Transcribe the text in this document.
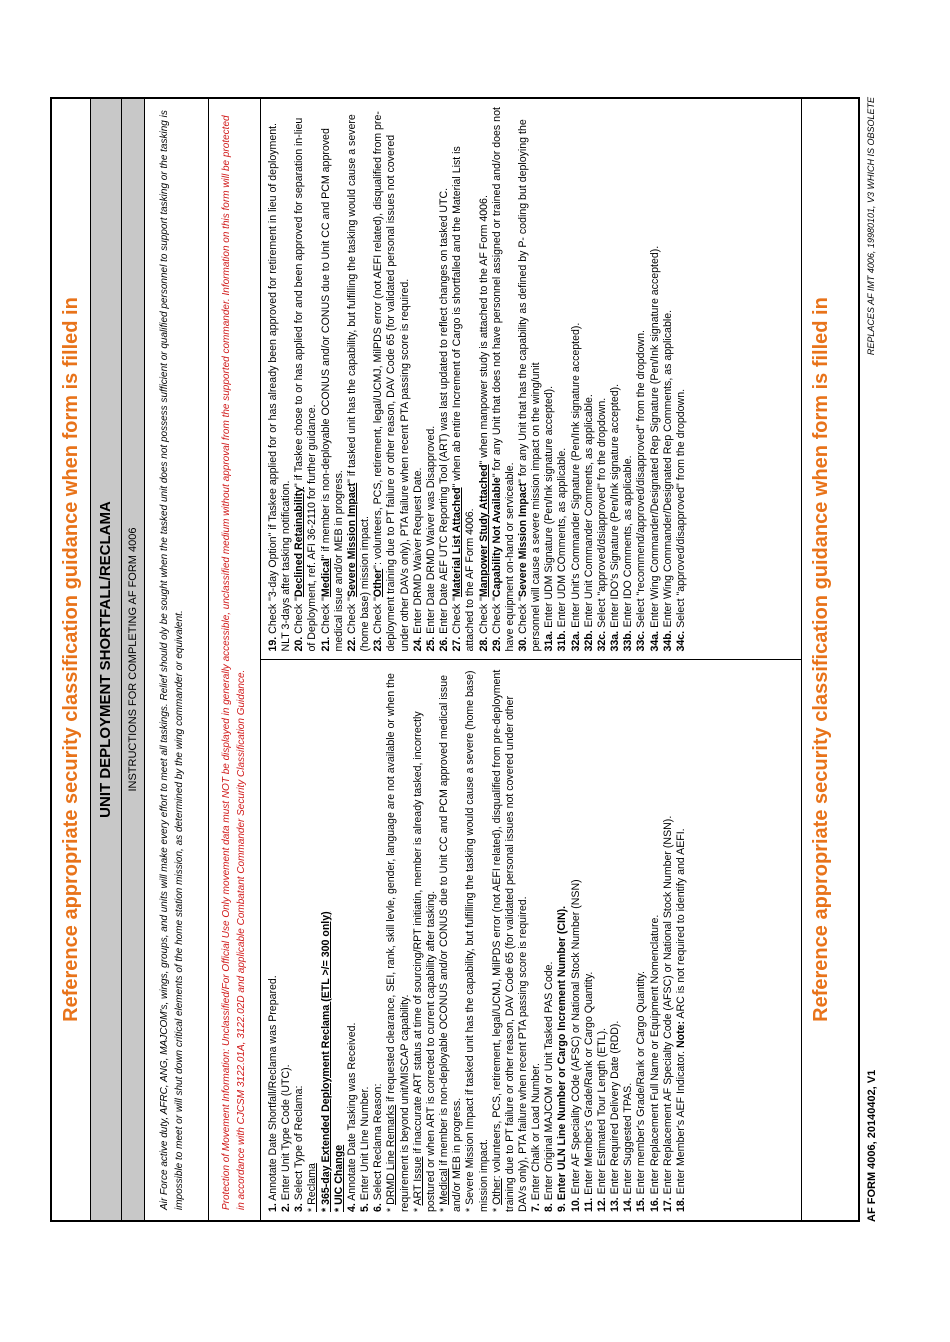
Reference appropriate security classification guidance when form is filled in	UNIT DEPLOYMENT SHORTFALL/RECLAMA	INSTRUCTIONS FOR COMPLETING AF FORM 4006	Air Force active duty, AFRC, ANG, MAJCOM's, wings, groups, and units will make every effort to meet all taskings. Relief should oly be sought when the tasked unit does not possess sufficient or qualified personnel to support tasking or the tasking is impossible to meet or will shut down critical elements of the home station mission, as determined by the wing commander or equivalent.	Protection of Movement Information: Unclassified/For Official Use Only movement data must NOT be displayed in generally accessible, unclassified medium without approval from the supported commander. Information on this form will be protected in accordance with CJCSM 3122.01A, 3122.02D and applicable Combatant Commander Security Classification Guidance.	1. Annotate Date Shortfall/Reclama was Prepared.
2. Enter Unit Type Code (UTC).
3. Select Type of Reclama: * Reclama * 365-day Extended Deployment Reclama (ETL >/= 300 only) * UIC Change 4. Annotate Date Tasking was Received.
5. Enter Unit LIne Number.
6. Select Reclama Reason:
* DRMD Line Remarks if requested clearance, SEI, rank, skill levle, gender, language are not available or when the requirement is beyond unit/MISCAP capability. * ART Issue if inaccurate ART status at time of sourcing/RPT initiatin, member is already tasked, incorrectly postured or when ART is corrected to current capability after tasking. * Medical if member is non-deployable OCONUS and/or CONUS due to Unit CC and PCM approved medical issue and/or MEB in progress. * Severe Mission Impact if tasked unit has the capability, but fulfilling the tasking would cause a severe (home base) mission impact. * Other: volunteers, PCS, retirement, legal/UCMJ, MilPDS error (not AEFI related), disqualified from pre-deployment training due to PT failure or other reason, DAV Code 65 (for validated personal issues not covered under other DAVs only), PTA failure when recent PTA passing score is required. 7. Enter Chalk or Load Number.
8. Enter Original MAJCOM or Unit Tasked PAS Code.
9. Enter ULN Line Number or Cargo Increment Number (CIN).
10. Enter AF Speciality COde (AFSC) or National Stock Number (NSN)
11. Enter Member's Grade/Rank or Cargo Quantity.
12. Enter Estimated Tour Length (ETL).
13. Enter Required Delivery Date (RDD).
14. Enter Suggested TPAS.
15. Enter member's Grade/Rank or Cargo Quantity.
16. Enter Replacement Full Name or Equipment Nomenclature.
17. Enter Replacement AF Specialty Code (AFSC) or National Stock Number (NSN).
18. Enter Member's AEF Indicator. Note: ARC is not required to identify and AEFI.
19. Check "3-day Option" if Taskee applied for or has already been approved for retirement in lieu of deployment. NLT 3-days after tasking notification. 20. Check "Declined Retainability" if Taskee chose to or has applied for and been approved for separation in-lieu of Deployment, ref. AFI 36-2110 for further guidance. 21. Check "Medical" if member is non-deployable OCONUS and/or CONUS due to Unit CC and PCM approved medical issue and/or MEB in progress. 22. Check "Severe Mission Impact" if tasked unit has the capability, but fulfilling the tasking would cause a severe (home base) mission impact. 23. Check "Other": volunteers, PCS, retirement, legal/UCMJ, MilPDS error (not AEFI related), disqualified from pre-deployment training due to PT failure or other reason, DAV Code 65 (for validated personal issues not covered under other DAVs only), PTA failure when recent PTA passing score is required. 24. Enter DRMD Waiver Request Date.
25. Enter Date DRMD Waiver was Disapproved.
26. Enter Date AEF UTC Reporting Tool (ART) was last updated to reflect changes on tasked UTC.
27. Check "Material List Attached" when ab entire Increment of Cargo is shortfalled and the Material List is attached to the AF Form 4006. 28. Check "Manpower Study Attached" when manpower study is attached to the AF Form 4006.
29. Check "Capability Not Available" for any Unit that does not have personnel assigned or trained and/or does not have equipment on-hand or serviceable. 30. Check "Severe Mission Impact" for any Unit that has the capability as defined by P- coding but deploying the personnel will cause a severe mission impact on the wing/unit 31a. Enter UDM Signature (Pen/Ink signature accepted).
31b. Enter UDM COmments, as applicable.
32a. Enter Unit's Commander Signature (Pen/Ink signature accepted).
32b. Enter Unit Commander Comments, as applicable.
32c. Select "approved/dsiapproved" fro the dropdown.
33a. Enter IDO's Signature (Pen/Ink signature accepted).
33b. Enter IDO Comments, as applicable.
33c. Select "recommend/approved/disapproved" from the dropdown.
34a. Enter Wing Commander/Designated Rep Signature (Pen/Ink signature accepted).
34b. Enter Wing Commander/Designated Rep Comments, as applicable.
34c. Select "approved/disapproved" from the dropdown.	Reference appropriate security classification guidance when form is filled in
AF FORM 4006, 20140402, V1
REPLACES AF IMT 4006, 19980101, V3 WHICH IS OBSOLETE
